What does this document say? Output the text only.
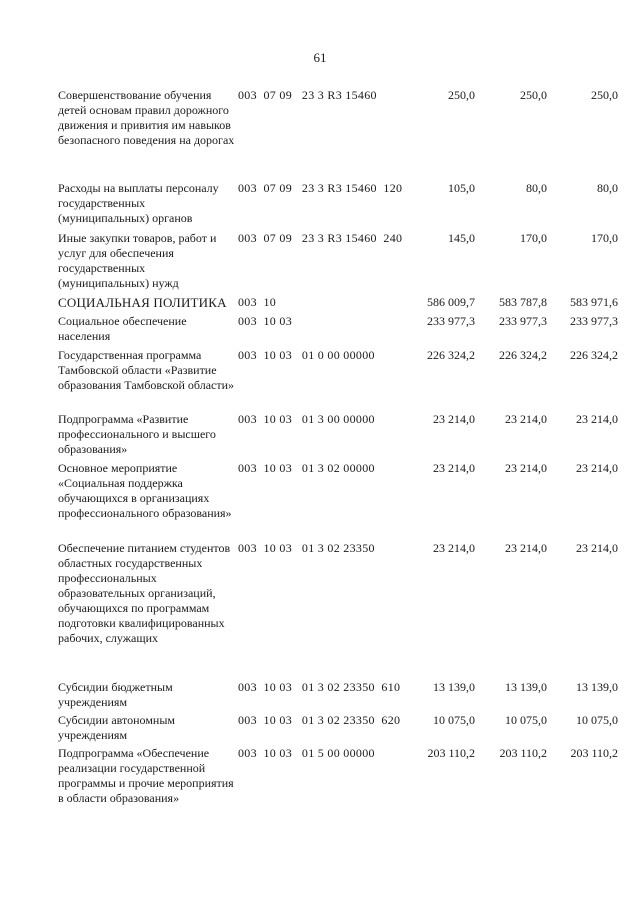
61
Совершенствование обучения детей основам правил дорожного движения и привития им навыков безопасного поведения на дорогах
003  07 09   23 3 R3 15460	250,0	250,0	250,0
Расходы на выплаты персоналу государственных (муниципальных) органов
003  07 09   23 3 R3 15460  120	105,0	80,0	80,0
Иные закупки товаров, работ и услуг для обеспечения государственных (муниципальных) нужд
003  07 09   23 3 R3 15460  240	145,0	170,0	170,0
СОЦИАЛЬНАЯ ПОЛИТИКА 003  10	586 009,7	583 787,8	583 971,6
Социальное обеспечение населения
003  10 03	233 977,3	233 977,3	233 977,3
Государственная программа Тамбовской области «Развитие образования Тамбовской области»
003  10 03   01 0 00 00000	226 324,2	226 324,2	226 324,2
Подпрограмма «Развитие профессионального и высшего образования»
003  10 03   01 3 00 00000	23 214,0	23 214,0	23 214,0
Основное мероприятие «Социальная поддержка обучающихся в организациях профессионального образования»
003  10 03   01 3 02 00000	23 214,0	23 214,0	23 214,0
Обеспечение питанием студентов областных государственных профессиональных образовательных организаций, обучающихся по программам подготовки квалифицированных рабочих, служащих
003  10 03   01 3 02 23350	23 214,0	23 214,0	23 214,0
Субсидии бюджетным учреждениям
003  10 03   01 3 02 23350  610	13 139,0	13 139,0	13 139,0
Субсидии автономным учреждениям
003  10 03   01 3 02 23350  620	10 075,0	10 075,0	10 075,0
Подпрограмма «Обеспечение реализации государственной программы и прочие мероприятия в области образования»
003  10 03   01 5 00 00000	203 110,2	203 110,2	203 110,2
